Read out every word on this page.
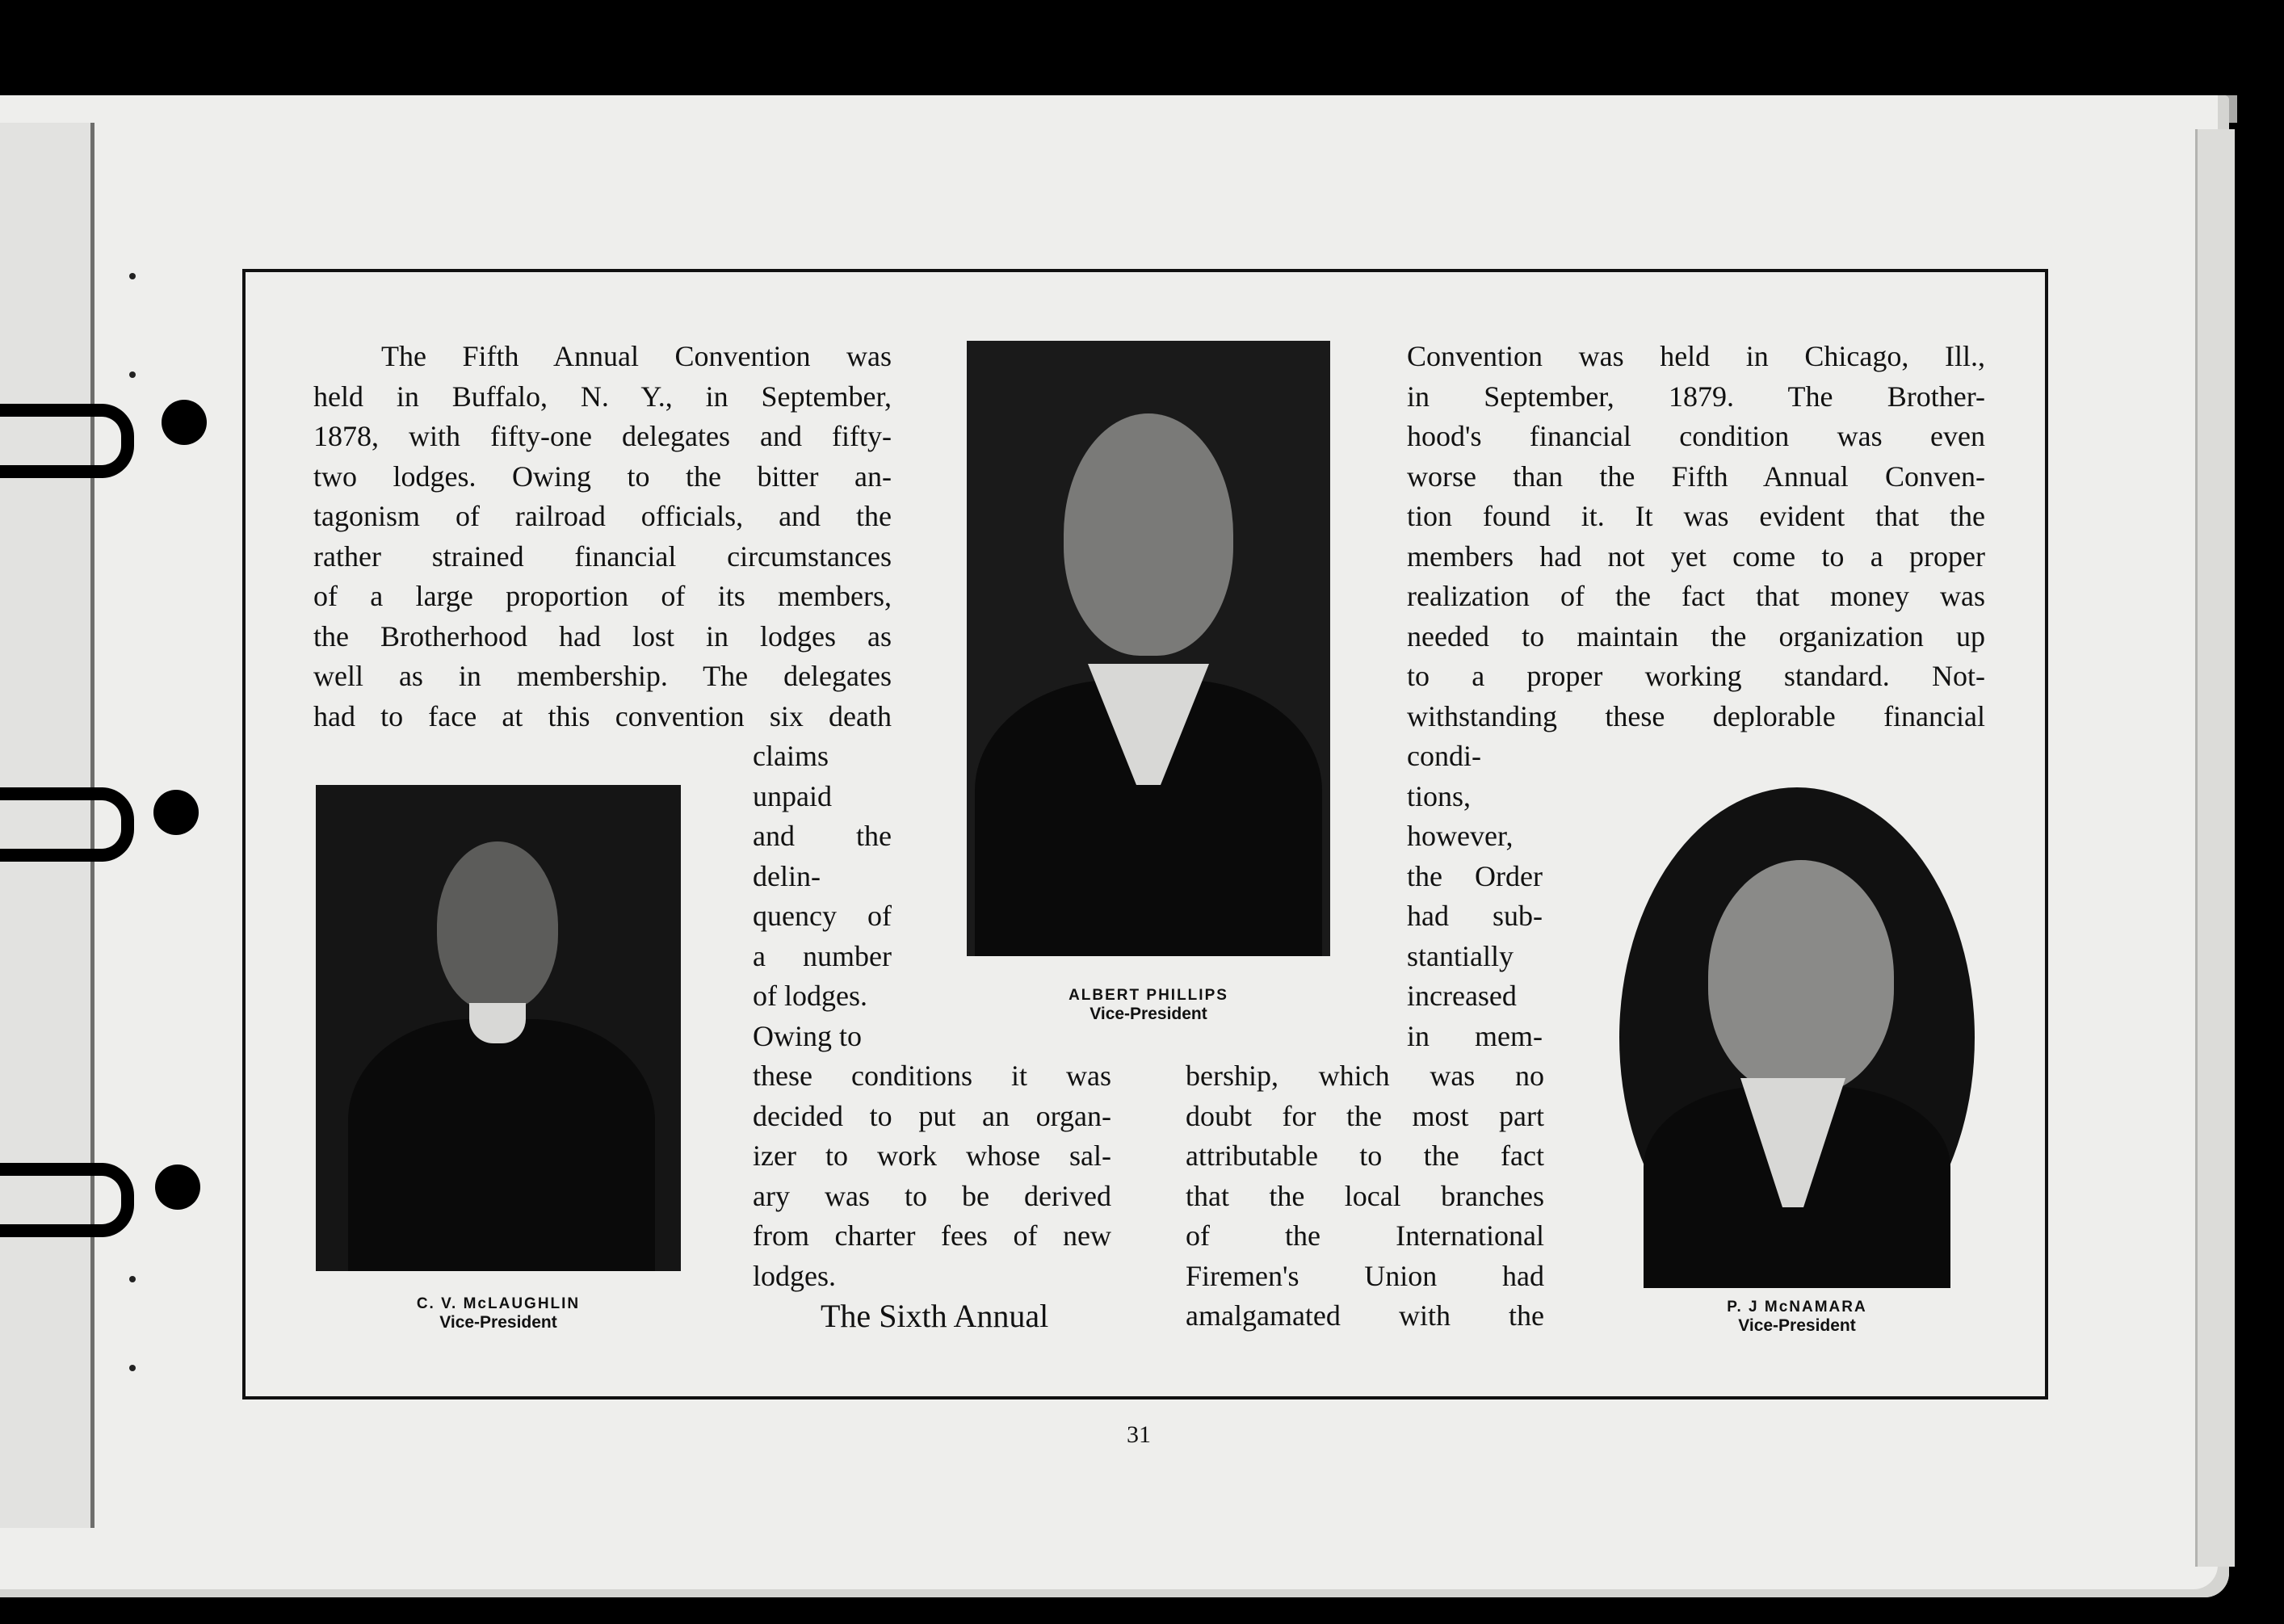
The Fifth Annual Convention was
held in Buffalo, N. Y., in September,
1878, with fifty-one delegates and fifty-
two lodges. Owing to the bitter an-
tagonism of railroad officials, and the
rather strained financial circumstances
of a large proportion of its members,
the Brotherhood had lost in lodges as
well as in membership. The delegates
had to face at this convention six death
claims
unpaid
and the
delin-
quency of
a number
of lodges.
Owing to
these conditions it was
decided to put an organ-
izer to work whose sal-
ary was to be derived
from charter fees of new
lodges.
The Sixth Annual
bership, which was no
doubt for the most part
attributable to the fact
that the local branches
of the International
Firemen's Union had
amalgamated with the
Convention was held in Chicago, Ill.,
in September, 1879. The Brother-
hood's financial condition was even
worse than the Fifth Annual Conven-
tion found it. It was evident that the
members had not yet come to a proper
realization of the fact that money was
needed to maintain the organization up
to a proper working standard. Not-
withstanding these deplorable financial
condi-
tions,
however,
the Order
had sub-
stantially
increased
in mem-
C. V. McLAUGHLIN
Vice-President
ALBERT PHILLIPS
Vice-President
P. J McNAMARA
Vice-President
31
